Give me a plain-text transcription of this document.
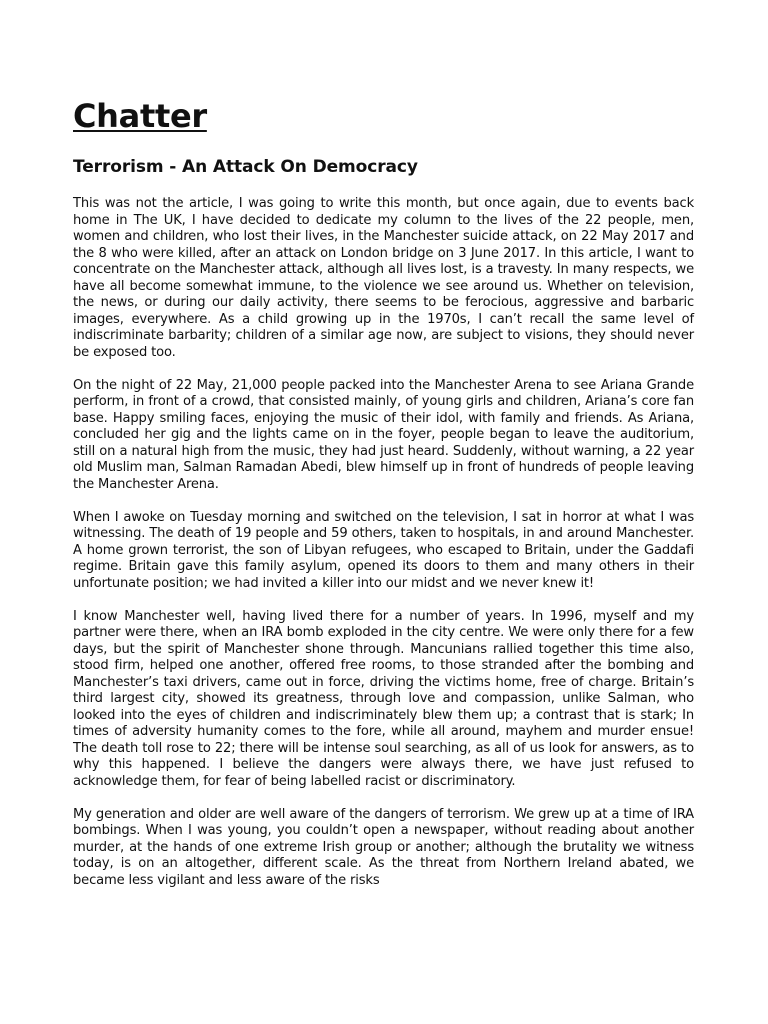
Chatter
Terrorism - An Attack On Democracy

This was not the article, I was going to write this month, but once again, due to events back home in The UK, I have decided to dedicate my column to the lives of the 22 people, men, women and children, who lost their lives, in the Manchester suicide attack, on 22 May 2017 and the 8 who were killed, after an attack on London bridge on 3 June 2017. In this article, I want to concentrate on the Manchester attack, although all lives lost, is a travesty. In many respects, we have all become somewhat immune, to the violence we see around us. Whether on television, the news, or during our daily activity, there seems to be ferocious, aggressive and barbaric images, everywhere. As a child growing up in the 1970s, I can’t recall the same level of indiscriminate barbarity; children of a similar age now, are subject to visions, they should never be exposed too.

On the night of 22 May, 21,000 people packed into the Manchester Arena to see Ariana Grande perform, in front of a crowd, that consisted mainly, of young girls and children, Ariana’s core fan base. Happy smiling faces, enjoying the music of their idol, with family and friends. As Ariana, concluded her gig and the lights came on in the foyer, people began to leave the auditorium, still on a natural high from the music, they had just heard. Suddenly, without warning, a 22 year old Muslim man, Salman Ramadan Abedi, blew himself up in front of hundreds of people leaving the Manchester Arena.

When I awoke on Tuesday morning and switched on the television, I sat in horror at what I was witnessing. The death of 19 people and 59 others, taken to hospitals, in and around Manchester. A home grown terrorist, the son of Libyan refugees, who escaped to Britain, under the Gaddafi regime. Britain gave this family asylum, opened its doors to them and many others in their unfortunate position; we had invited a killer into our midst and we never knew it!

I know Manchester well, having lived there for a number of years. In 1996, myself and my partner were there, when an IRA bomb exploded in the city centre. We were only there for a few days, but the spirit of Manchester shone through. Mancunians rallied together this time also, stood firm, helped one another, offered free rooms, to those stranded after the bombing and Manchester’s taxi drivers, came out in force, driving the victims home, free of charge. Britain’s third largest city, showed its greatness, through love and compassion, unlike Salman, who looked into the eyes of children and indiscriminately blew them up; a contrast that is stark; In times of adversity humanity comes to the fore, while all around, mayhem and murder ensue! The death toll rose to 22; there will be intense soul searching, as all of us look for answers, as to why this happened. I believe the dangers were always there, we have just refused to acknowledge them, for fear of being labelled racist or discriminatory.

My generation and older are well aware of the dangers of terrorism. We grew up at a time of IRA bombings. When I was young, you couldn’t open a newspaper, without reading about another murder, at the hands of one extreme Irish group or another; although the brutality we witness today, is on an altogether, different scale. As the threat from Northern Ireland abated, we became less vigilant and less aware of the risks
